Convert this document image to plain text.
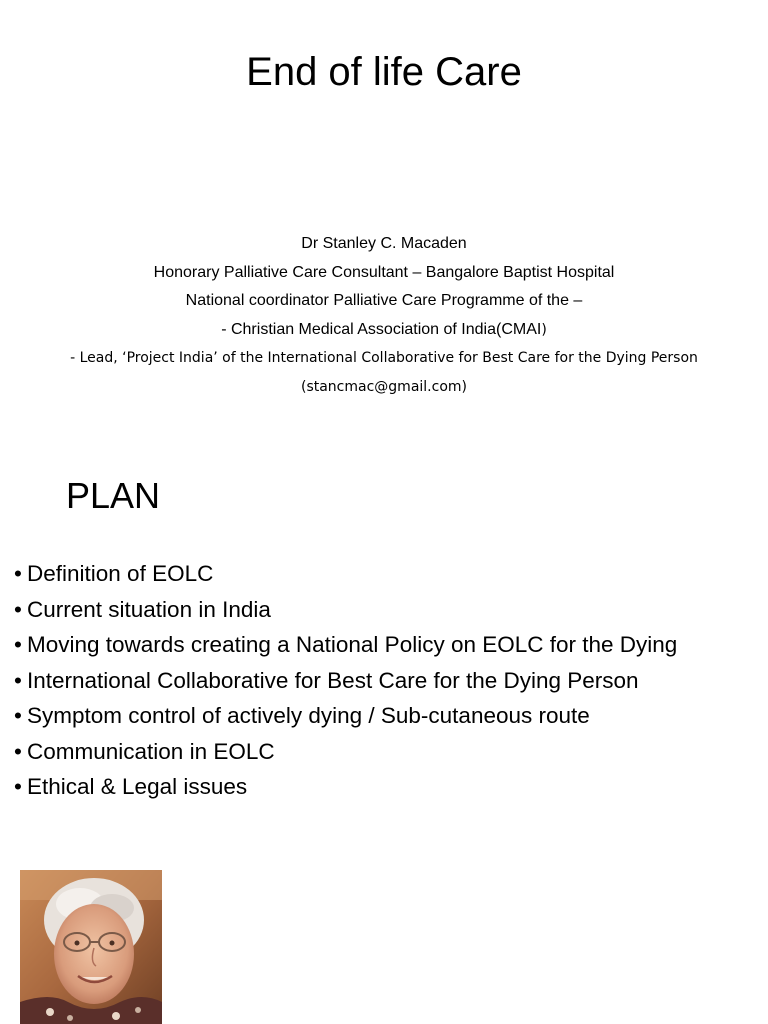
End of life Care
Dr Stanley C. Macaden
Honorary Palliative Care Consultant – Bangalore Baptist Hospital
National coordinator Palliative Care Programme of the –
- Christian Medical Association of India(CMAI)
- Lead, ‘Project India’ of the International Collaborative for Best Care for the Dying Person
(stancmac@gmail.com)
PLAN
• Definition of EOLC
• Current situation in India
• Moving towards creating a National Policy on EOLC for the Dying
• International Collaborative for Best Care for the Dying Person
• Symptom control of actively dying / Sub-cutaneous route
• Communication in EOLC
• Ethical & Legal issues
